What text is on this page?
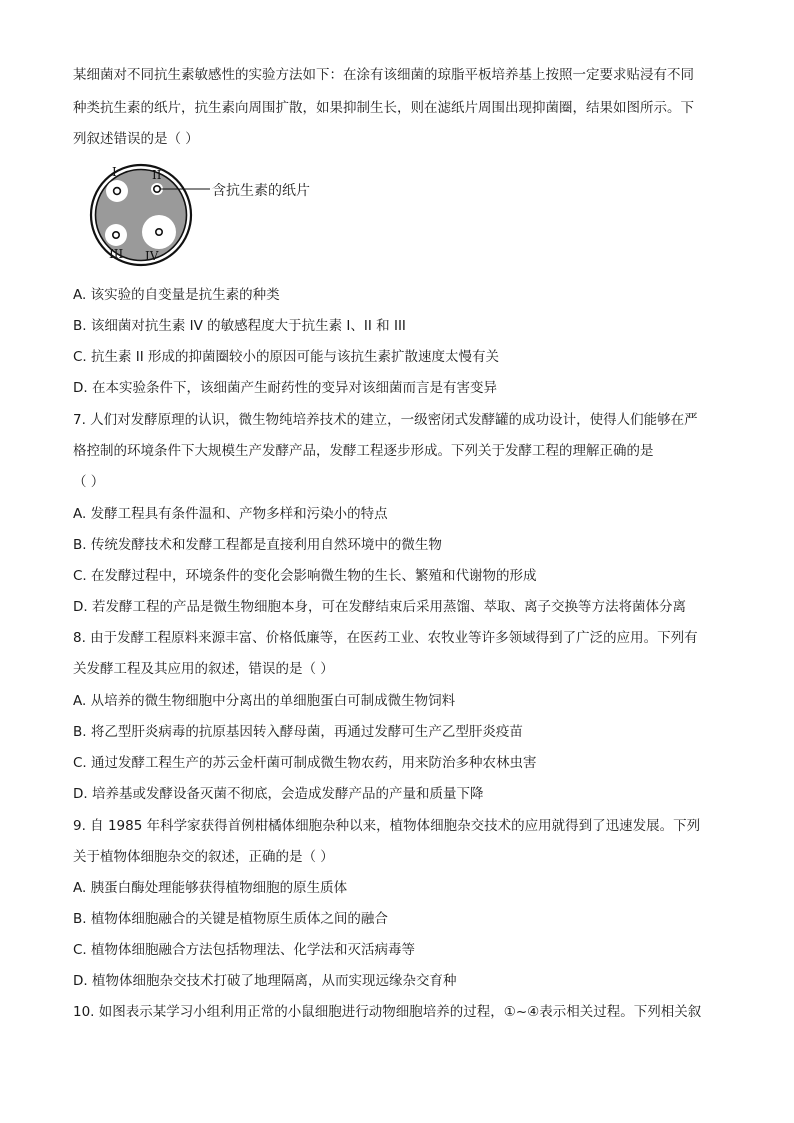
某细菌对不同抗生素敏感性的实验方法如下：在涂有该细菌的琼脂平板培养基上按照一定要求贴浸有不同
种类抗生素的纸片，抗生素向周围扩散，如果抑制生长，则在滤纸片周围出现抑菌圈，结果如图所示。下
列叙述错误的是（ ）
I	II
III IV
含抗生素的纸片
A. 该实验的自变量是抗生素的种类
B. 该细菌对抗生素 IV 的敏感程度大于抗生素 I、II 和 III
C. 抗生素 II 形成的抑菌圈较小的原因可能与该抗生素扩散速度太慢有关
D. 在本实验条件下，该细菌产生耐药性的变异对该细菌而言是有害变异
7. 人们对发酵原理的认识，微生物纯培养技术的建立，一级密闭式发酵罐的成功设计，使得人们能够在严
格控制的环境条件下大规模生产发酵产品，发酵工程逐步形成。下列关于发酵工程的理解正确的是
（ ）
A. 发酵工程具有条件温和、产物多样和污染小的特点
B. 传统发酵技术和发酵工程都是直接利用自然环境中的微生物
C. 在发酵过程中，环境条件的变化会影响微生物的生长、繁殖和代谢物的形成
D. 若发酵工程的产品是微生物细胞本身，可在发酵结束后采用蒸馏、萃取、离子交换等方法将菌体分离
8. 由于发酵工程原料来源丰富、价格低廉等，在医药工业、农牧业等许多领域得到了广泛的应用。下列有
关发酵工程及其应用的叙述，错误的是（ ）
A. 从培养的微生物细胞中分离出的单细胞蛋白可制成微生物饲料
B. 将乙型肝炎病毒的抗原基因转入酵母菌，再通过发酵可生产乙型肝炎疫苗
C. 通过发酵工程生产的苏云金杆菌可制成微生物农药，用来防治多种农林虫害
D. 培养基或发酵设备灭菌不彻底，会造成发酵产品的产量和质量下降
9. 自 1985 年科学家获得首例柑橘体细胞杂种以来，植物体细胞杂交技术的应用就得到了迅速发展。下列
关于植物体细胞杂交的叙述，正确的是（ ）
A. 胰蛋白酶处理能够获得植物细胞的原生质体
B. 植物体细胞融合的关键是植物原生质体之间的融合
C. 植物体细胞融合方法包括物理法、化学法和灭活病毒等
D. 植物体细胞杂交技术打破了地理隔离，从而实现远缘杂交育种
10. 如图表示某学习小组利用正常的小鼠细胞进行动物细胞培养的过程，①~④表示相关过程。下列相关叙
